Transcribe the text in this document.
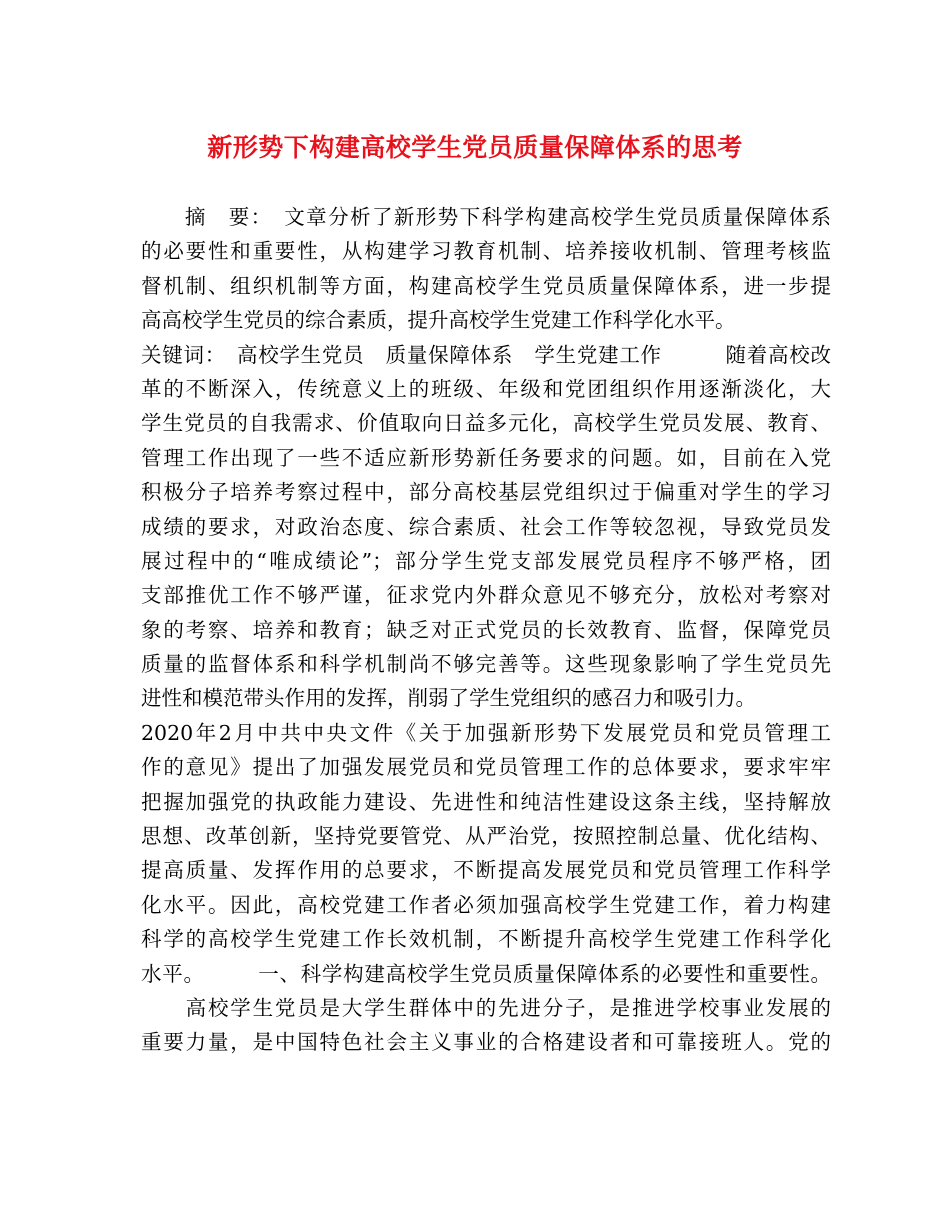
新形势下构建高校学生党员质量保障体系的思考
　　摘　要：　文章分析了新形势下科学构建高校学生党员质量保障体系
的必要性和重要性，从构建学习教育机制、培养接收机制、管理考核监
督机制、组织机制等方面，构建高校学生党员质量保障体系，进一步提
高高校学生党员的综合素质，提升高校学生党建工作科学化水平。
关键词：　高校学生党员　质量保障体系　学生党建工作　　　随着高校改
革的不断深入，传统意义上的班级、年级和党团组织作用逐渐淡化，大
学生党员的自我需求、价值取向日益多元化，高校学生党员发展、教育、
管理工作出现了一些不适应新形势新任务要求的问题。如，目前在入党
积极分子培养考察过程中，部分高校基层党组织过于偏重对学生的学习
成绩的要求，对政治态度、综合素质、社会工作等较忽视，导致党员发
展过程中的“唯成绩论”；部分学生党支部发展党员程序不够严格，团
支部推优工作不够严谨，征求党内外群众意见不够充分，放松对考察对
象的考察、培养和教育；缺乏对正式党员的长效教育、监督，保障党员
质量的监督体系和科学机制尚不够完善等。这些现象影响了学生党员先
进性和模范带头作用的发挥，削弱了学生党组织的感召力和吸引力。
2020年2月中共中央文件《关于加强新形势下发展党员和党员管理工
作的意见》提出了加强发展党员和党员管理工作的总体要求，要求牢牢
把握加强党的执政能力建设、先进性和纯洁性建设这条主线，坚持解放
思想、改革创新，坚持党要管党、从严治党，按照控制总量、优化结构、
提高质量、发挥作用的总要求，不断提高发展党员和党员管理工作科学
化水平。因此，高校党建工作者必须加强高校学生党建工作，着力构建
科学的高校学生党建工作长效机制，不断提升高校学生党建工作科学化
水平。　　　一、科学构建高校学生党员质量保障体系的必要性和重要性。
　　高校学生党员是大学生群体中的先进分子，是推进学校事业发展的
重要力量，是中国特色社会主义事业的合格建设者和可靠接班人。党的
